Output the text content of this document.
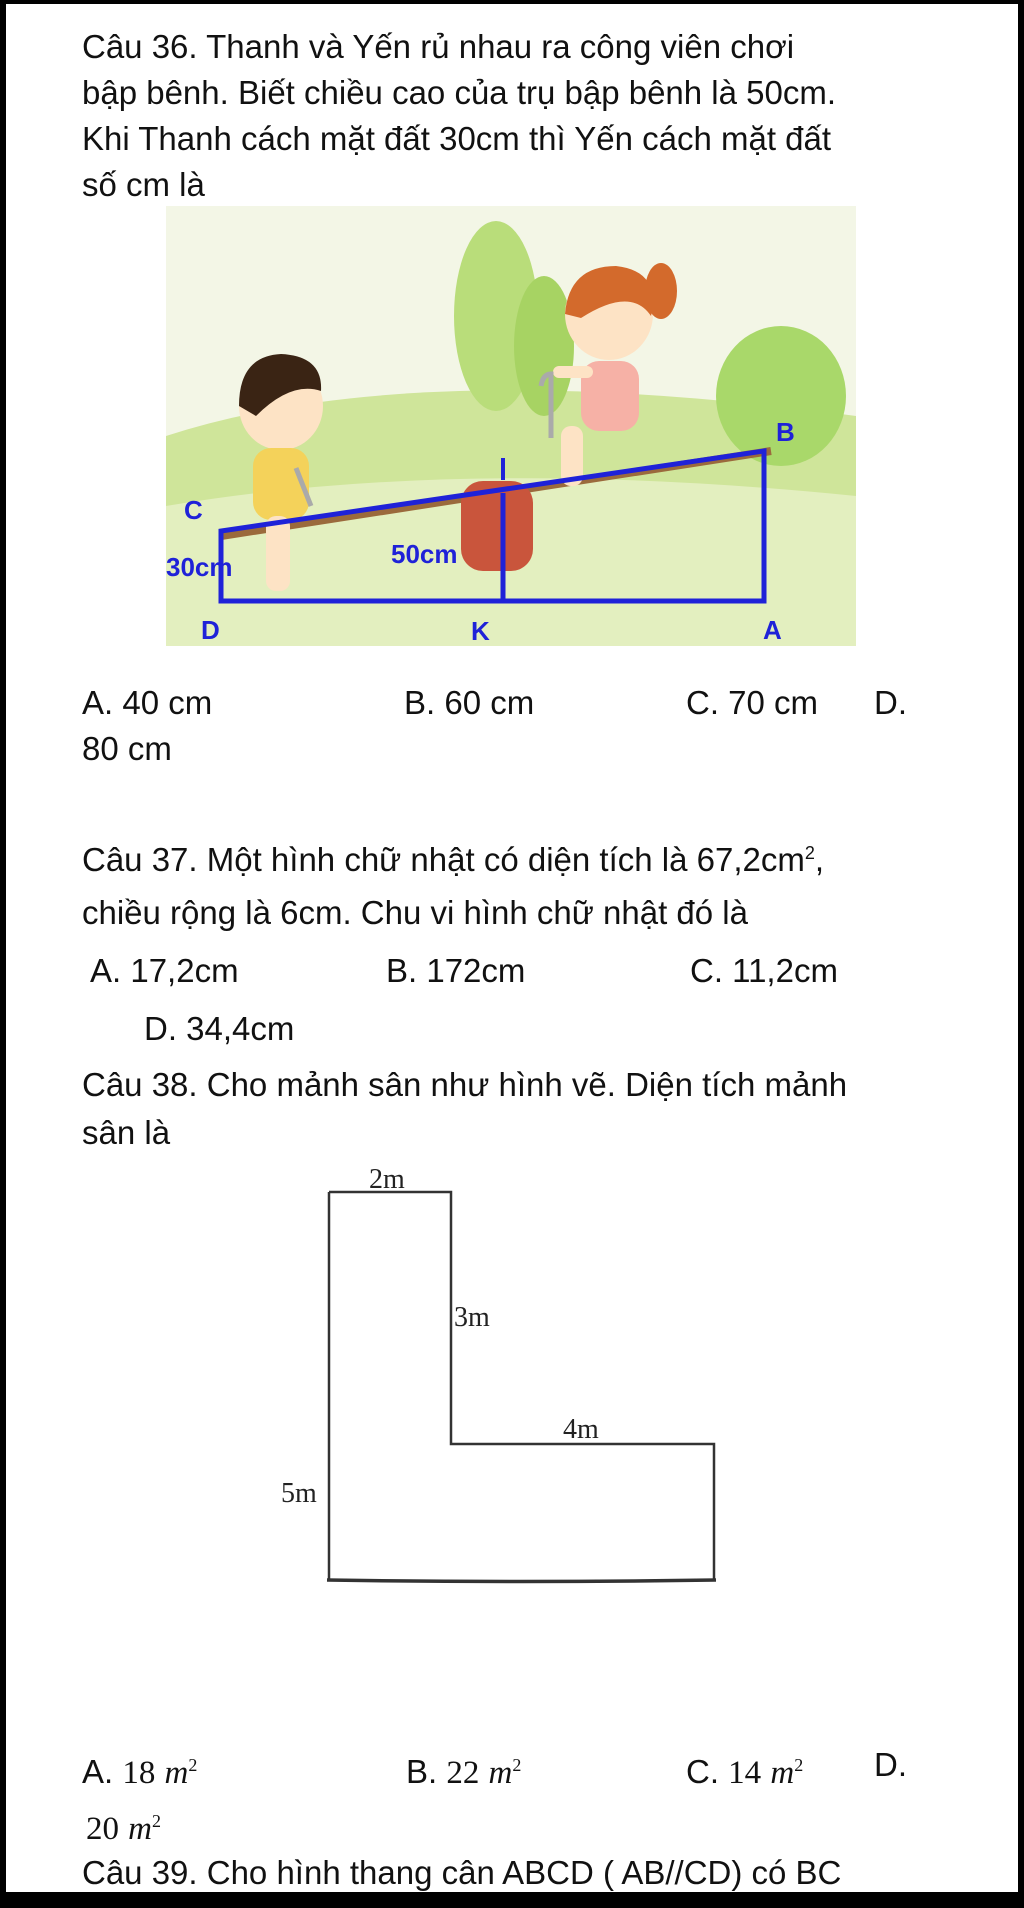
Câu 36. Thanh và Yến rủ nhau ra công viên chơi
bập bênh. Biết chiều cao của trụ bập bênh là 50cm.
Khi Thanh cách mặt đất 30cm thì Yến cách mặt đất
số cm là
B
C
30cm	50cm
D	K	A
A. 40 cm	B. 60 cm	C. 70 cm D.
80 cm
Câu 37. Một hình chữ nhật có diện tích là $67,2cm^2$,
chiều rộng là 6cm. Chu vi hình chữ nhật đó là
A. 17,2cm	B. 172cm	C. 11,2cm
D. 34,4cm
Câu 38. Cho mảnh sân như hình vẽ. Diện tích mảnh
sân là
2m
3m
4m
5m
A. 18 $m^2$	B. 22 $m^2$	C. 14 $m^2$ D.
20 $m^2$
Câu 39. Cho hình thang cân ABCD ( AB//CD) có BC
